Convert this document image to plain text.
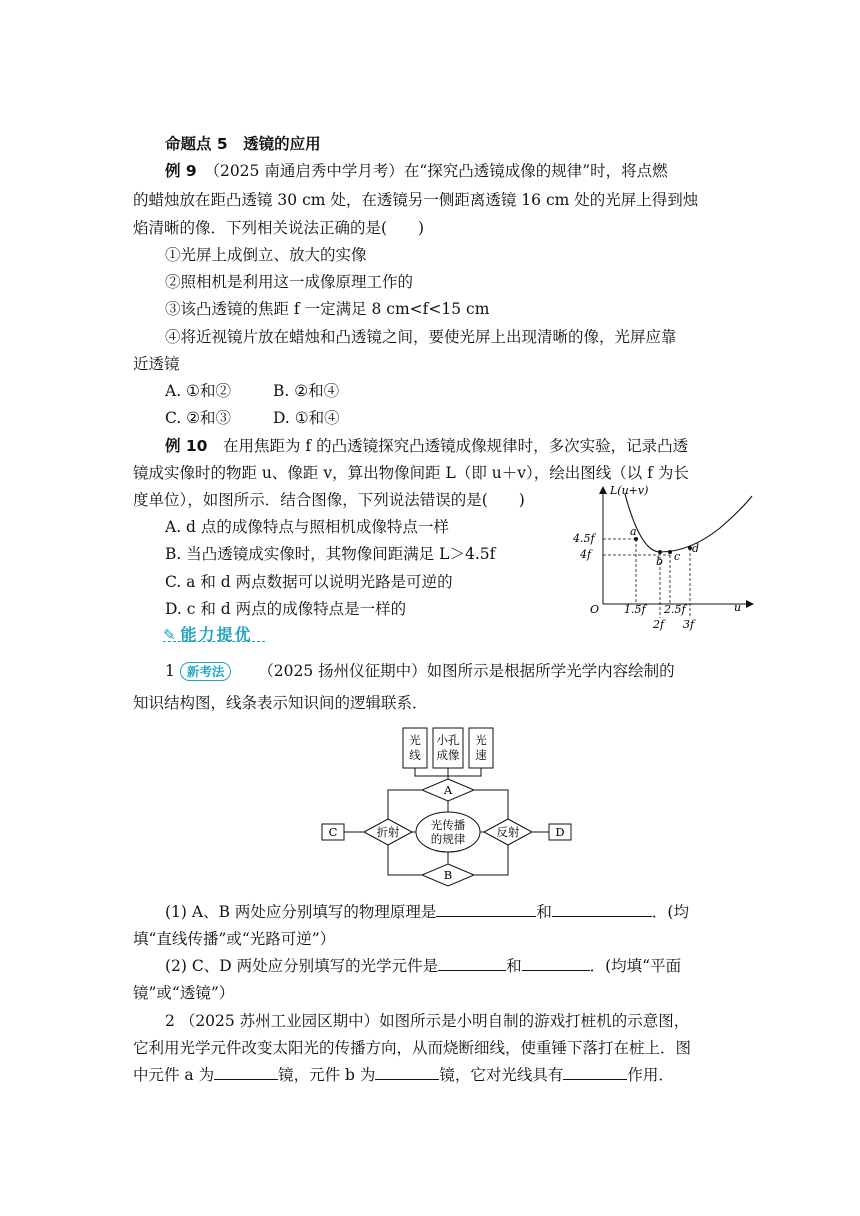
命题点 5　透镜的应用
例 9　 （2025 南通启秀中学月考）在“探究凸透镜成像的规律”时，将点燃
的蜡烛放在距凸透镜 30 cm 处，在透镜另一侧距离透镜 16 cm 处的光屏上得到烛
焰清晰的像．下列相关说法正确的是(　　)
①光屏上成倒立、放大的实像
②照相机是利用这一成像原理工作的
③该凸透镜的焦距 f 一定满足 8 cm<f<15 cm
④将近视镜片放在蜡烛和凸透镜之间，要使光屏上出现清晰的像，光屏应靠
近透镜
A. ①和②	B. ②和④
C. ②和③	D. ①和④
例 10　 在用焦距为 f 的凸透镜探究凸透镜成像规律时，多次实验，记录凸透
镜成实像时的物距 u、像距 v，算出物像间距 L（即 u＋v），绘出图线（以 f 为长
度单位），如图所示．结合图像，下列说法错误的是(　　)
A. d 点的成像特点与照相机成像特点一样
B. 当凸透镜成实像时，其物像间距满足 L＞4.5f
C. a 和 d 两点数据可以说明光路是可逆的
D. c 和 d 两点的成像特点是一样的
L(u+v)
u
O
4.5f
4f
a
b c
d
1.5f 2.5f
2f 3f
✎ 能力提优
1 新考法 （2025 扬州仪征期中）如图所示是根据所学光学内容绘制的
知识结构图，线条表示知识间的逻辑联系．
光
线
小孔
成像
光
速
A
折射	反射
光传播
的规律
C	D
B
(1) A、B 两处应分别填写的物理原理是	和	．(均
填“直线传播”或“光路可逆”）
(2) C、D 两处应分别填写的光学元件是	和	．(均填“平面
镜”或“透镜”）
2 （2025 苏州工业园区期中）如图所示是小明自制的游戏打桩机的示意图，
它利用光学元件改变太阳光的传播方向，从而烧断细线，使重锤下落打在桩上．图
中元件 a 为	镜，元件 b 为	镜，它对光线具有	作用．
